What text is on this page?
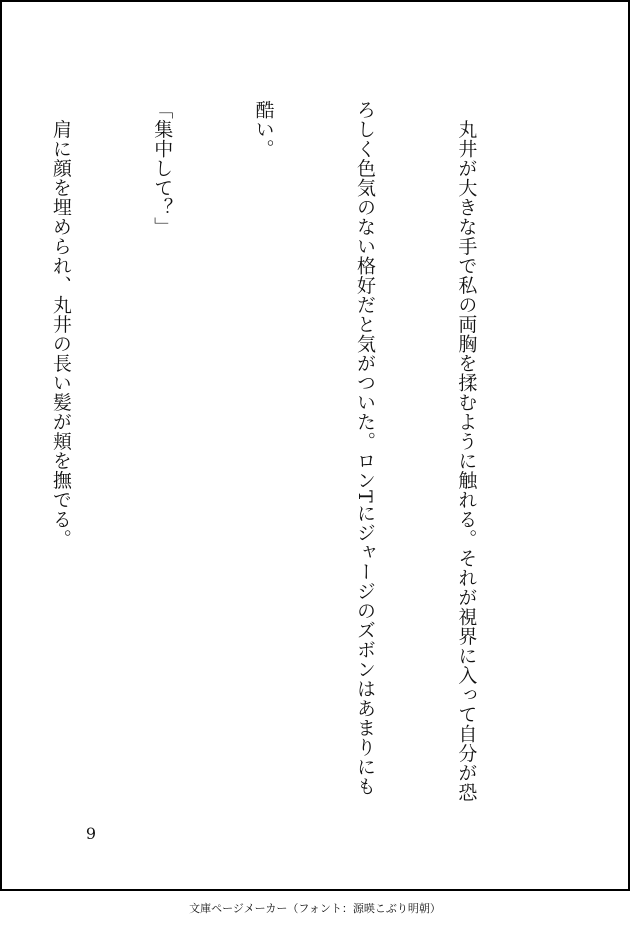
　丸井が大きな手で私の両胸を揉むように触れる。それが視界に入って自分が恐

ろしく色気のない格好だと気がついた。ロンTにジャージのズボンはあまりにも

酷い。

「集中して？」

　肩に顔を埋められ、丸井の長い髪が頬を撫でる。

9
文庫ページメーカー（フォント：源暎こぶり明朝）
